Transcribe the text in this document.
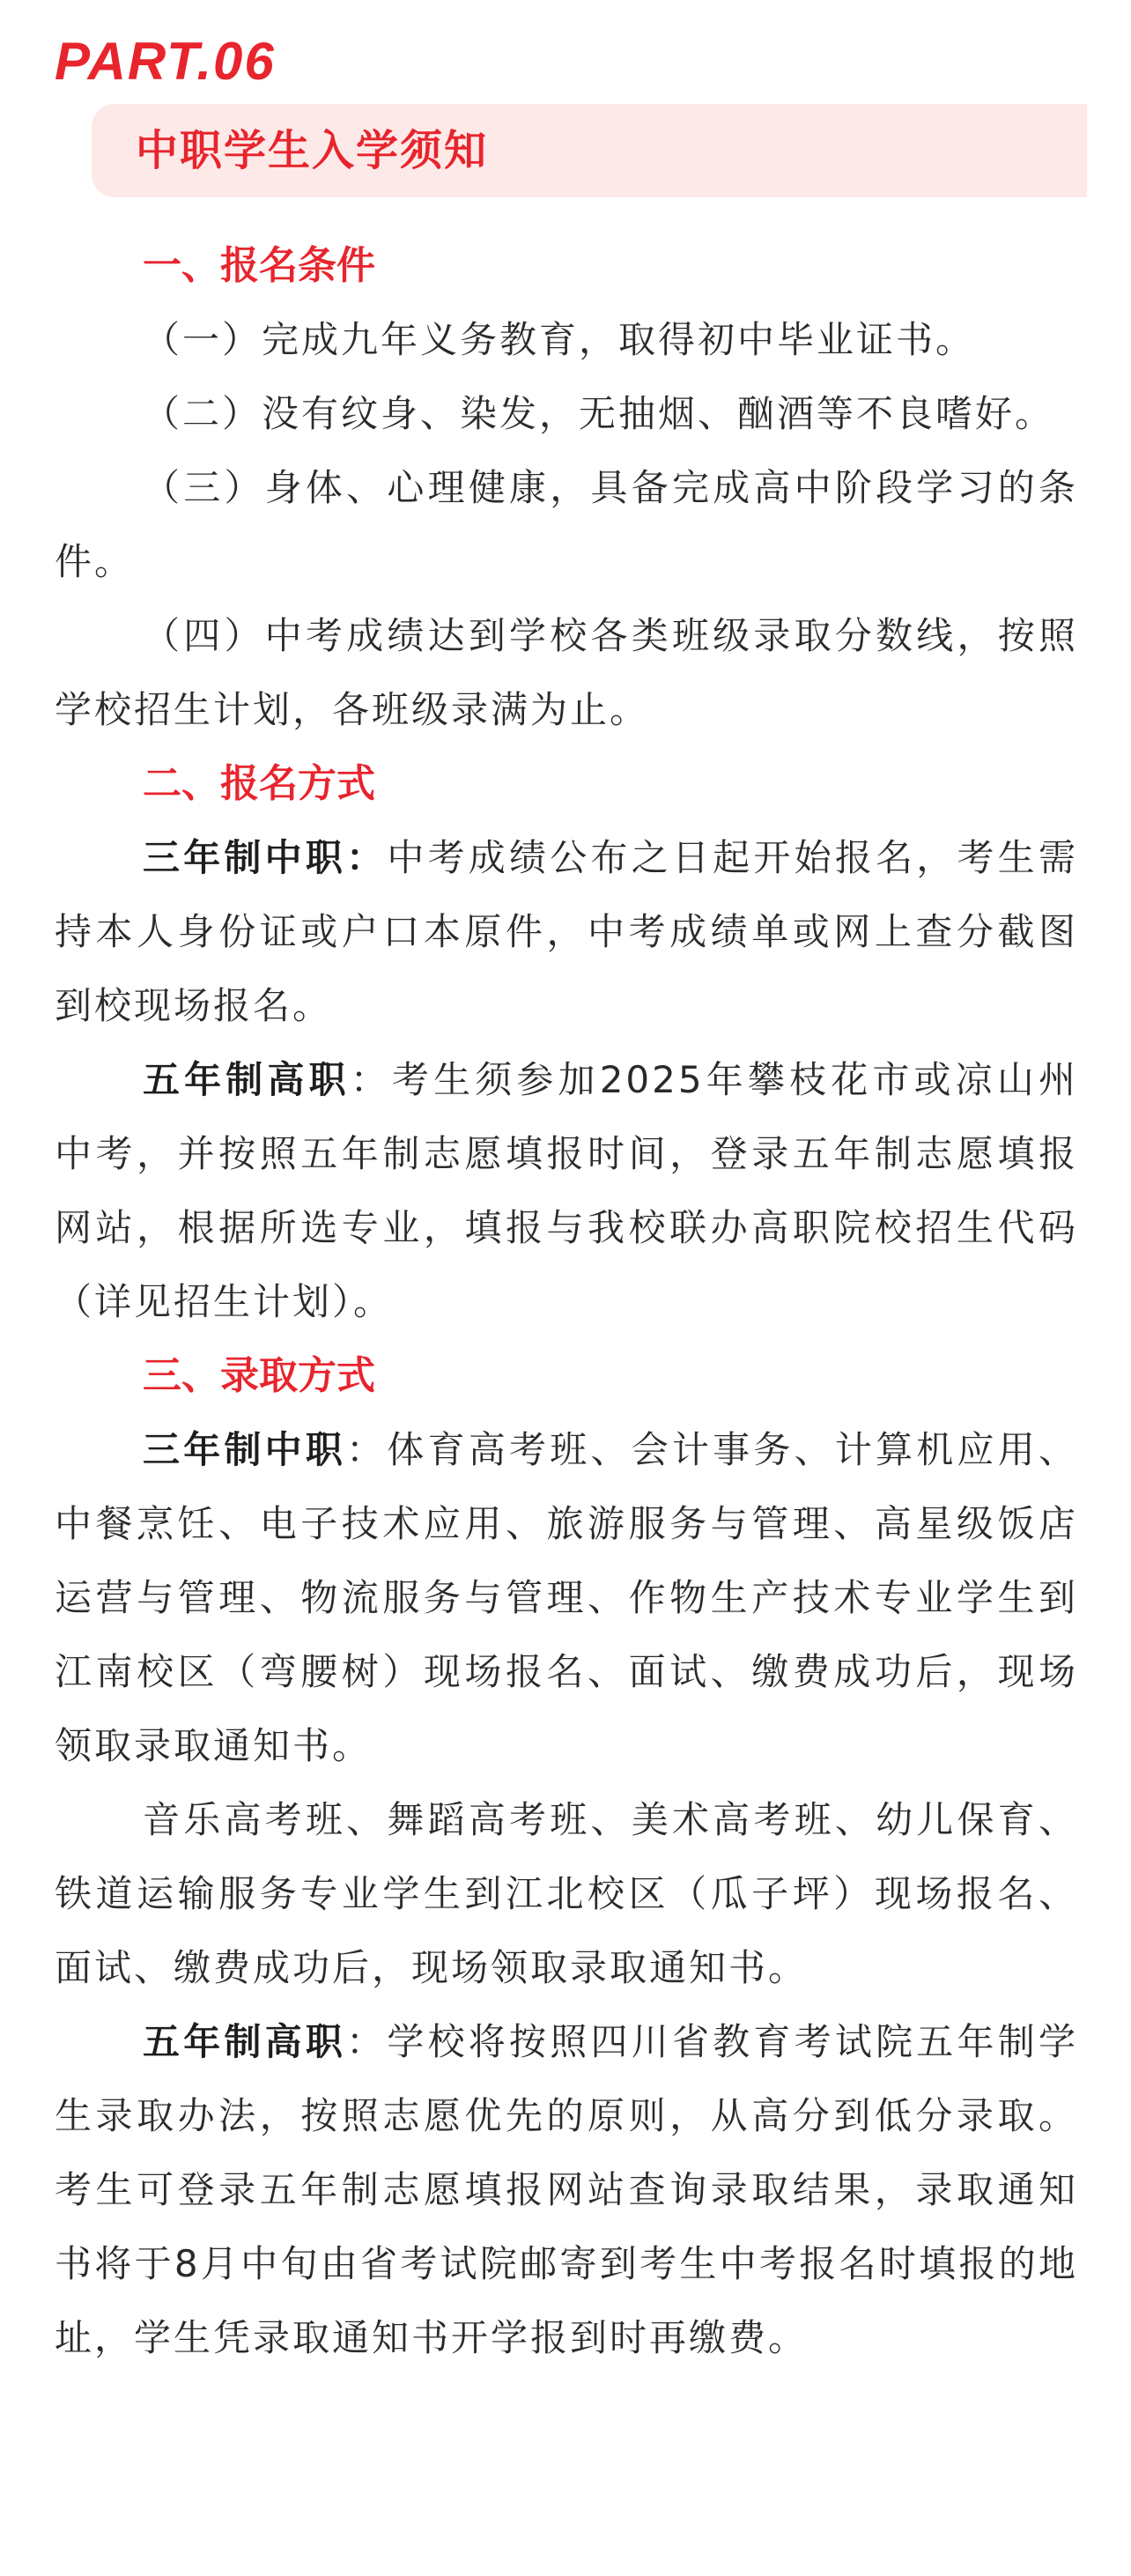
PART.06
中职学生入学须知

一、报名条件

（一）完成九年义务教育，取得初中毕业证书。

（二）没有纹身、染发，无抽烟、酗酒等不良嗜好。

（三）身体、心理健康，具备完成高中阶段学习的条件。

（四）中考成绩达到学校各类班级录取分数线，按照学校招生计划，各班级录满为止。

二、报名方式

三年制中职：中考成绩公布之日起开始报名，考生需持本人身份证或户口本原件，中考成绩单或网上查分截图到校现场报名。

五年制高职：考生须参加2025年攀枝花市或凉山州中考，并按照五年制志愿填报时间，登录五年制志愿填报网站，根据所选专业，填报与我校联办高职院校招生代码（详见招生计划）。

三、录取方式

三年制中职：体育高考班、会计事务、计算机应用、中餐烹饪、电子技术应用、旅游服务与管理、高星级饭店运营与管理、物流服务与管理、作物生产技术专业学生到江南校区（弯腰树）现场报名、面试、缴费成功后，现场领取录取通知书。

音乐高考班、舞蹈高考班、美术高考班、幼儿保育、铁道运输服务专业学生到江北校区（瓜子坪）现场报名、面试、缴费成功后，现场领取录取通知书。

五年制高职：学校将按照四川省教育考试院五年制学生录取办法，按照志愿优先的原则，从高分到低分录取。考生可登录五年制志愿填报网站查询录取结果，录取通知书将于8月中旬由省考试院邮寄到考生中考报名时填报的地址，学生凭录取通知书开学报到时再缴费。
